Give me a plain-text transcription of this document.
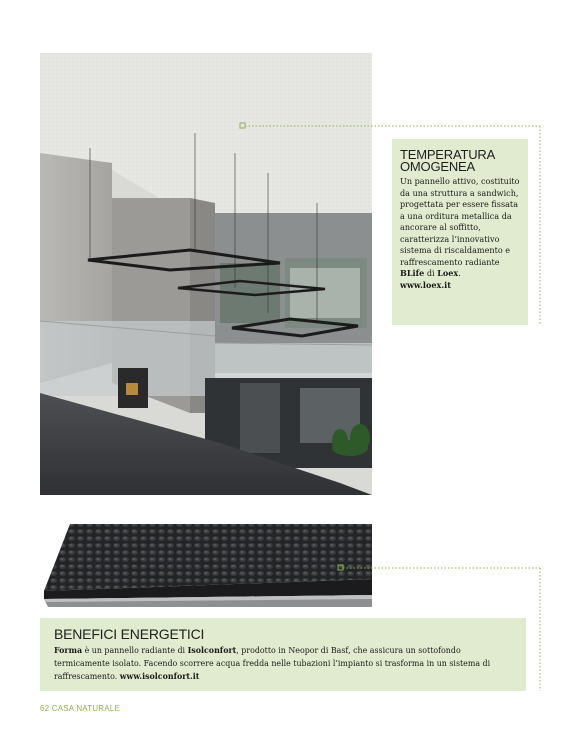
TEMPERATURA
OMOGENEA

Un pannello attivo, costituito da una struttura a sandwich, progettata per essere fissata a una orditura metallica da ancorare al soffitto, caratterizza l’innovativo sistema di riscaldamento e raffrescamento radiante BLife di Loex.
www.loex.it

BENEFICI ENERGETICI

Forma è un pannello radiante di Isolconfort, prodotto in Neopor di Basf, che assicura un sottofondo termicamente isolato. Facendo scorrere acqua fredda nelle tubazioni l’impianto si trasforma in un sistema di raffrescamento. www.isolconfort.it

62 CASA NATURALE
